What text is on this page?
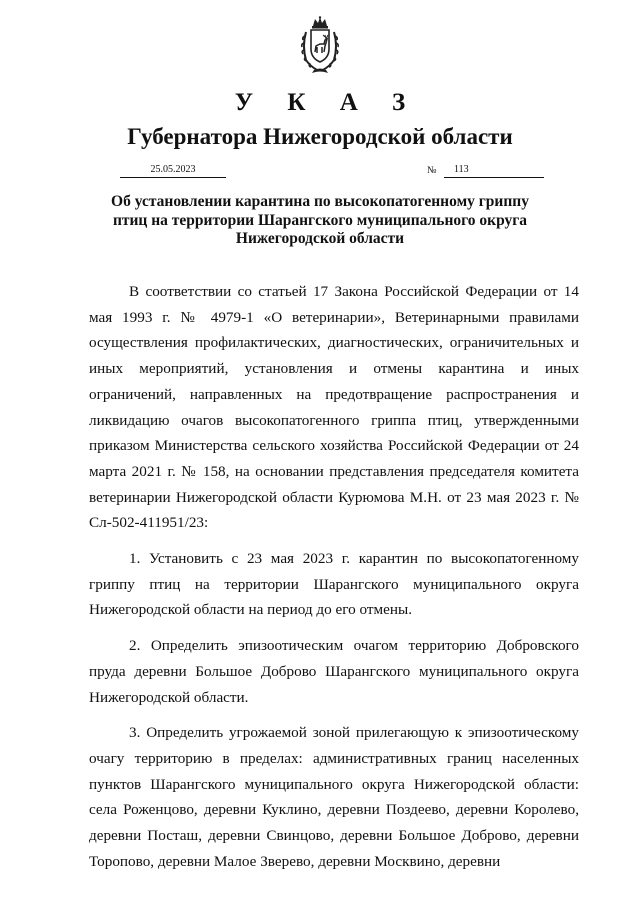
У К А З
Губернатора Нижегородской области
25.05.2023	№	113
Об установлении карантина по высокопатогенному гриппу птиц на территории Шарангского муниципального округа Нижегородской области

В соответствии со статьей 17 Закона Российской Федерации от 14 мая 1993 г. № 4979-1 «О ветеринарии», Ветеринарными правилами осуществления профилактических, диагностических, ограничительных и иных мероприятий, установления и отмены карантина и иных ограничений, направленных на предотвращение распространения и ликвидацию очагов высокопатогенного гриппа птиц, утвержденными приказом Министерства сельского хозяйства Российской Федерации от 24 марта 2021 г. № 158, на основании представления председателя комитета ветеринарии Нижегородской области Курюмова М.Н. от 23 мая 2023 г. № Сл-502-411951/23:

1. Установить с 23 мая 2023 г. карантин по высокопатогенному гриппу птиц на территории Шарангского муниципального округа Нижегородской области на период до его отмены.

2. Определить эпизоотическим очагом территорию Добровского пруда деревни Большое Доброво Шарангского муниципального округа Нижегородской области.

3. Определить угрожаемой зоной прилегающую к эпизоотическому очагу территорию в пределах: административных границ населенных пунктов Шарангского муниципального округа Нижегородской области: села Роженцово, деревни Куклино, деревни Поздеево, деревни Королево, деревни Посташ, деревни Свинцово, деревни Большое Доброво, деревни Торопово, деревни Малое Зверево, деревни Москвино, деревни
